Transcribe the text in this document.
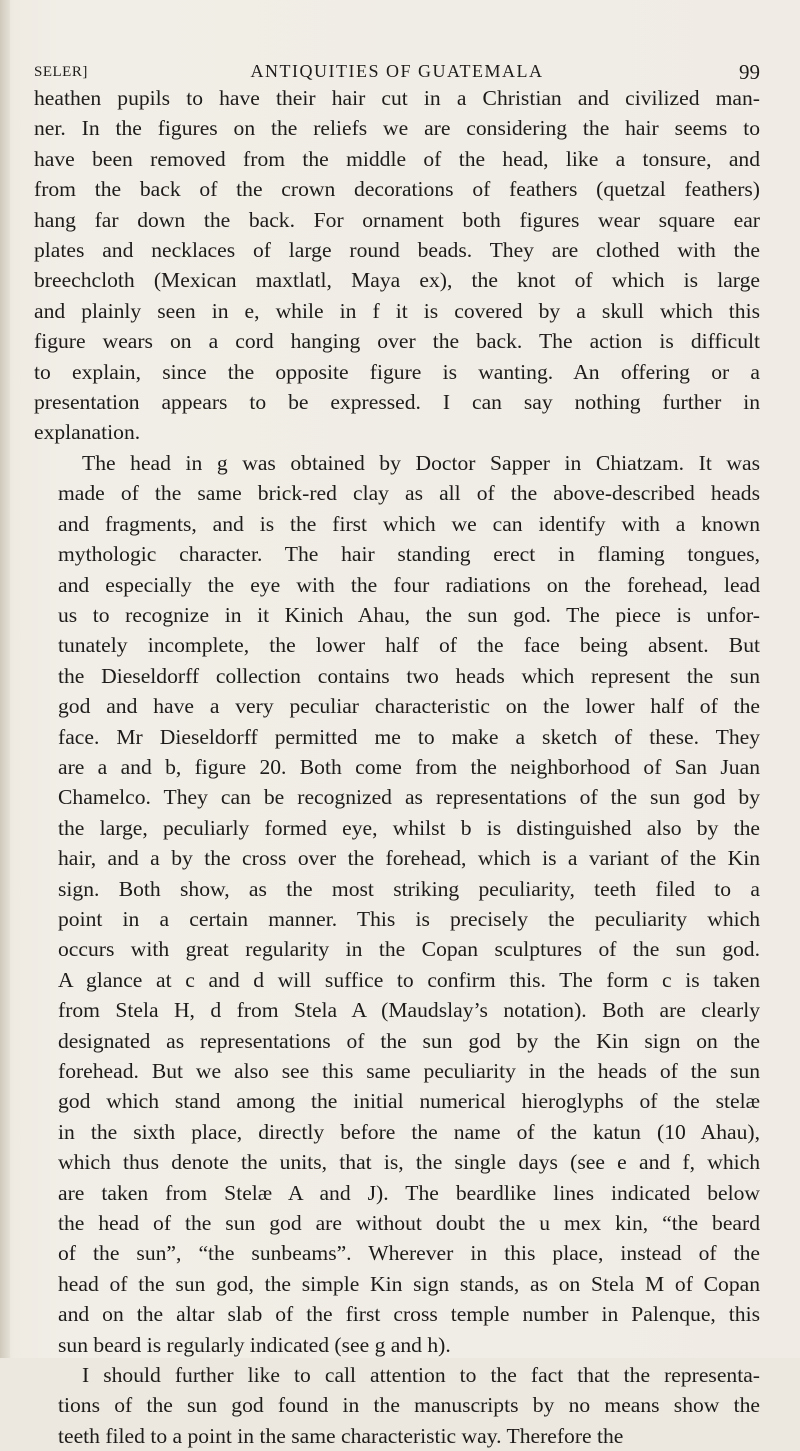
SELER]	ANTIQUITIES OF GUATEMALA	99

heathen pupils to have their hair cut in a Christian and civilized man-
ner. In the figures on the reliefs we are considering the hair seems to
have been removed from the middle of the head, like a tonsure, and
from the back of the crown decorations of feathers (quetzal feathers)
hang far down the back. For ornament both figures wear square ear
plates and necklaces of large round beads. They are clothed with the
breechcloth (Mexican maxtlatl, Maya ex), the knot of which is large
and plainly seen in e, while in f it is covered by a skull which this
figure wears on a cord hanging over the back. The action is difficult
to explain, since the opposite figure is wanting. An offering or a
presentation appears to be expressed. I can say nothing further in
explanation.

The head in g was obtained by Doctor Sapper in Chiatzam. It was
made of the same brick-red clay as all of the above-described heads
and fragments, and is the first which we can identify with a known
mythologic character. The hair standing erect in flaming tongues,
and especially the eye with the four radiations on the forehead, lead
us to recognize in it Kinich Ahau, the sun god. The piece is unfor-
tunately incomplete, the lower half of the face being absent. But
the Dieseldorff collection contains two heads which represent the sun
god and have a very peculiar characteristic on the lower half of the
face. Mr Dieseldorff permitted me to make a sketch of these. They
are a and b, figure 20. Both come from the neighborhood of San Juan
Chamelco. They can be recognized as representations of the sun god by
the large, peculiarly formed eye, whilst b is distinguished also by the
hair, and a by the cross over the forehead, which is a variant of the Kin
sign. Both show, as the most striking peculiarity, teeth filed to a
point in a certain manner. This is precisely the peculiarity which
occurs with great regularity in the Copan sculptures of the sun god.
A glance at c and d will suffice to confirm this. The form c is taken
from Stela H, d from Stela A (Maudslay’s notation). Both are clearly
designated as representations of the sun god by the Kin sign on the
forehead. But we also see this same peculiarity in the heads of the sun
god which stand among the initial numerical hieroglyphs of the stelæ
in the sixth place, directly before the name of the katun (10 Ahau),
which thus denote the units, that is, the single days (see e and f, which
are taken from Stelæ A and J). The beardlike lines indicated below
the head of the sun god are without doubt the u mex kin, “the beard
of the sun”, “the sunbeams”. Wherever in this place, instead of the
head of the sun god, the simple Kin sign stands, as on Stela M of Copan
and on the altar slab of the first cross temple number in Palenque, this
sun beard is regularly indicated (see g and h).

I should further like to call attention to the fact that the representa-
tions of the sun god found in the manuscripts by no means show the
teeth filed to a point in the same characteristic way. Therefore the
